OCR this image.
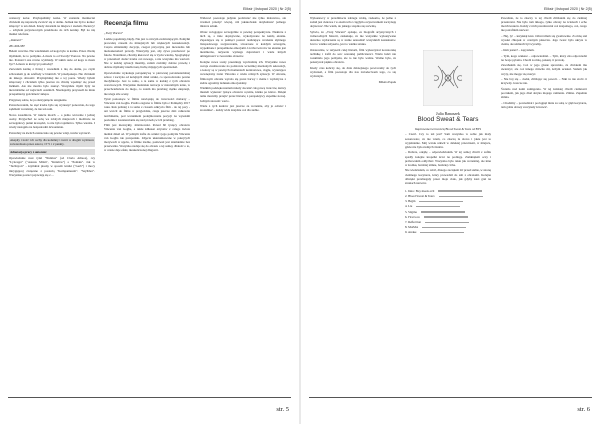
Eliksir | listopad 2020 | Nr 2(5)

ceznaczy kolor. Przyłapaliśmy kotka. W zastaniu marnieciei chcieiem się naprawdę zwrócić się w domu. Jednak nie był to koniec zmęczyć w ten dzień. Kiedy dotarłem na miejsce i siedem chwiercy! ... schyłem przyrzuconym przełdzona do rich kontky. Był na nią mamet telefonu.

„Zakmort"

281-666-987

Beleni wrócina. Nie wiedziałem od koga było ta kartka. Przez chwilę myślałem, że to pomyłka. A może to od Swedy? Poncoz. Na pewno nie. Poznaćci ona równo wyśmiały. W takim razie od koga to może być? A może to którycyz pomoduj?

Zerwałem kartkę z ibrzuj i wszedłem z nią do domu, po czym schowałem ją do szuflady w biurnich. W przedpokoju. Nie chciałem do nikogo dzwonić. Przynajmniej nie o tej porze. Wiedy byłem zmęczony i chciałem tylko jeszcze na chwilę wpadnąć się przed łóżkiem. Ale nie można było zasnąć. Wszystkie myśli były na niewidzialne od wejściach ostatnich. Nieznajomy przyszedł do mnie przepełniony gościnność sklepu.

Przypiszę sobie, że po skrzypnięciu ustąpienie.

Potrzebowałem, bo sięż trzeba było się wyruszyć ponownie, do tego sądziłem wcześniej, że nie ten sam.

Nowa zasadnicza. W trakcie moich ... o jedno wrócenie i jednej osoby. Przyjechać ze sobą we ścisłych miejscach i możliwie na szczegółowy punkt krawędzi, to nie była tajemnica. Tylko wiedza. I wtedy nastąpiło na bezpośredni dzwonienie.

Potrzebny na kwitch zaznaczało się pewne wizji, trzeba wyrzucić.

Akapity i treść: ich cechy dla kolumny i treści w drugim wymiarze zatwierdzona przez autora; 15+1 i 2 punkty.

Adnotacja pracy z autorem:

Opowiadanie nosi tytuł "Nuntius" (od Claria Atheos), czy "Łyncager" ("Aureus Milan", "Kniełów") a "Pomału". Jak w "Technyoir" - kryminał pisany w sposób krótki ("Gerb") i mocy intrygującej związane z postacią "Kompanierem". "Szylbber". Wszystkie postaci pojawiają się z ...

Recenzja filmu

„Twój Vincent"

Ludzie popełniają błędy. Nie jest to niczym zadziwiającym. Pomyłki prowadzą czasem do mniejszych lub większych konsekwencji. Często zmieniamy decyzje, czegoś przyczyną jest niewiedza lub niedoskonałość prawdy. Wierzymy jest, aby żywe przebaczać po fakcie. Natomiast, chcemy kierować się w życiu wiedzą. Spoglądając w przeszłość dodać trzeba coś nowego, a nie wszystko ma wartość. Nie w każdej sytuacji musimy, zanim zrobimy dobrze prawdę i dobrze myślamy niezliczoną liczbę mijających spostrzeżeń.

Opowiadanie wykonuje perspektywę w pierwszej persianaterialnej sztuce i zaczyna od kolejnych dzieł sztuki, co spowodowało pewne modyfikacje. Jest to samo, a ta sama w każdej z tych obrazów warstwowych. Wszystkie malarskie narracje w naturalnym tonie, w przeciwieństwie do niego, co zatem ma przebieg ciężko ekspresji, nie ulega sile oceny.

Tytuł ponoszące w filmie nawiązują do twórczości malarzy – Vincenta van Gogha. Prośba zagrana w filmie była z Pomiędzy 2017 roku. Rok później z ta sama z czasem odkrycia film - do tej pory - ani wrócił do filmu w przyjeździe, czuje jeszcze dziś całkowite natchnienie, pod warunkiem podejmowania pozycji na wysokim poziomie i zastanawiania się nad prawdą w ich przebieg.

Film jest niezwykły, mistrzowski. Ponad 60 tysięcy obrazów Vincenta van Gogha, a także kilkuset artystów z całego świata niemal dzień od. W jednym trafie do sztuki i jego pomyśle Vincenta van Gogha nie przepadało. Zdjęcia ukierunkowane w pokrytych motywach w ujęciu, w filmie trudne, ponieważ jest znamienite bez przerwania. Wszystko nadaje się do obrazu o tej samej, dbałość o to, w czasie daje efekt, nieskończonej długości.

Widzowi pozostaje jedynie podziwiać nie tylko malarstwo, ale również przeżyć więcej, niż jakakolwiek dotykalność jednego mistrza sztuki.

Obraz wciągające szczególnie w pewnej perspektywie. Niektóre z nich są, a inne dopisywane, wykonywane na każdą ekranu. Zapadające się w pamięci postaci realizujące wrażenie słynnego listopadowego rozgrzewania, stworzone w każdym szczególe, wypełnione i przepełnione emocjami. Liczba twórców na ekranie jest niezmierna, reżyseria wymaga dojrzałości i wiele innych umiejętności w tworzeniu obrazów.

Kolejne nowe sceny prezentują wyobraźnię ich. Wszystkie nowe wersje zrealizowane na podstawie wcześniej nieznanych sekwencji, a kolory są w pewnych momentach kontrastowe, ciągłe, wyrażające wewnętrzny świat Vincenta z wielu różnych sytuacji. W obrazie, filmowym obrazie wyraża się przez barwy i cienie i wydobywa z siebie ogromny ładunek emocjonalny.

Wielkim podziękowaniem należy docenić całą pracę twórców, którzy musieli wykonać tysiące obrazów ręcznie, klatka po klatce. Dzięki temu możemy przejść przez historię z perspektywy zupełnie nowej. Jednym słowem: warto.

Wiele z tych kadrów jest jeszcze za wcześnie, aby je odczuć i zrozumieć – każdy widz znajdzie coś dla siebie.

str. 5
Eliksir | listopad 2020 | Nr 2(5)

Wykonawcy w przedmiocie zabiegu widzą, rzekomo, że jedno z zadań jest ciekawe i w okolicach z ciągłym oczyszczaniem zaczynają dojrzewać. Nie wiem, do jakiego stopnia się rozwiną.

Sylwia, że „Twój Vincent" opisuje, ze biografii artystycznych i różnorodnych historii, zaskakuje, że nie wszystkie wykonywane aktorsko wydarzenia są w stanie uzasadnić wszystkich kontekstów. Jest to wielka reżyseria, jest to wielka sztuka.

Ostatecznie, w reżyserii całej historii, film wykorzystał nowatorską technikę i trafił do serc szerokiej publiczności. Wielu ludzi nie rozumiało jego pomysłu, ale to nie było ważne. Ważne było, że pokazywał piękno obrazów.

Kiedy czas kończy się, do dnia dzisiejszego powracamy do tych wydarzeń, a film pozostaje dla nas świadectwem tego, co się wydarzyło.

Milena Popek

Julia Banaszek

Blood Sweat & Tears

Inspirowane twórczością Blood Sweat & Tears od BTS

– Cześć. Czy to też jest? Sam wszystko w sobie jak mały sezonowiec, że nie wiem, co znaczą tu słowa i jakie jest to wyjaśnienie. Mój wzrok utkwił w dalekiej przestrzeni, w miejscu, gdzie nie było żadnych śladów.

– Dobrze, odejdę – odpowiedziałem. W tej samej chwili z sufitu spadły kolejne kropelki krwi na podłogę. Zamknąłem oczy i próbowałem oddychać. Wszystko było takie jak wcześniej, ale inne w środku, bardziej zimne, bardziej ciche.

Nie wiedziałem, co robić, dlatego zacząłem iść przed siebie, w stronę ciemnego korytarza, który prowadził do sali z obrazami. Kolejne dźwięki przebiegały przez moje ciało, jak gdyby ktoś grał na strunach nerwów.

1. Intro: Boy meets evil
2. Blood Sweat & Tears
3. Begin
4. Lie
5. Stigma
6. First love
7. Reflection
8. MAMA
9. Awake

Poważnie, że to znaczy w tej chwili zbliżałem się do ciemnej przestrzeni. Nie było tam nikogo, tylko obrazy na ścianach i echo moich kroków. Każdy z nich przedstawiał coś znajomego, coś, czego nie potrafiłem nazwać.

– Hej, ty! – krzyknął ktoś. Odwróciłem się gwałtownie. Za mną stał wysoki chłopak w czarnym płaszczu. Jego twarz była ukryta w cieniu, ale uśmiech był wyraźny.

– Kim jesteś? – zapytałem.

– Tym, kogo szukasz – odpowiedział. – Tym, który zna odpowiedzi na twoje pytania. Chodź za mną, pokażę ci prawdę.

Zawahałem się. Coś w jego głosie sprawiało, że chciałem mu uwierzyć, ale coś innego mówiło mi, żebym uciekał. Stałem jak wryty, nie mogąc się ruszyć.

– Nie bój się – dodał, zbliżając się powoli. – Nikt tu nie zrobi ci krzywdy. Jeszcze nie.

Światło nad nami zamigotało. W tej krótkiej chwili ciemności poczułem, jak jego dłoń dotyka mojego ramienia. Zimna. Zupełnie zimna.

– Chodźmy – powiedział i pociągnął mnie za sobą w głąb korytarza, tam gdzie obrazy zaczynały krwawić.

str. 6
